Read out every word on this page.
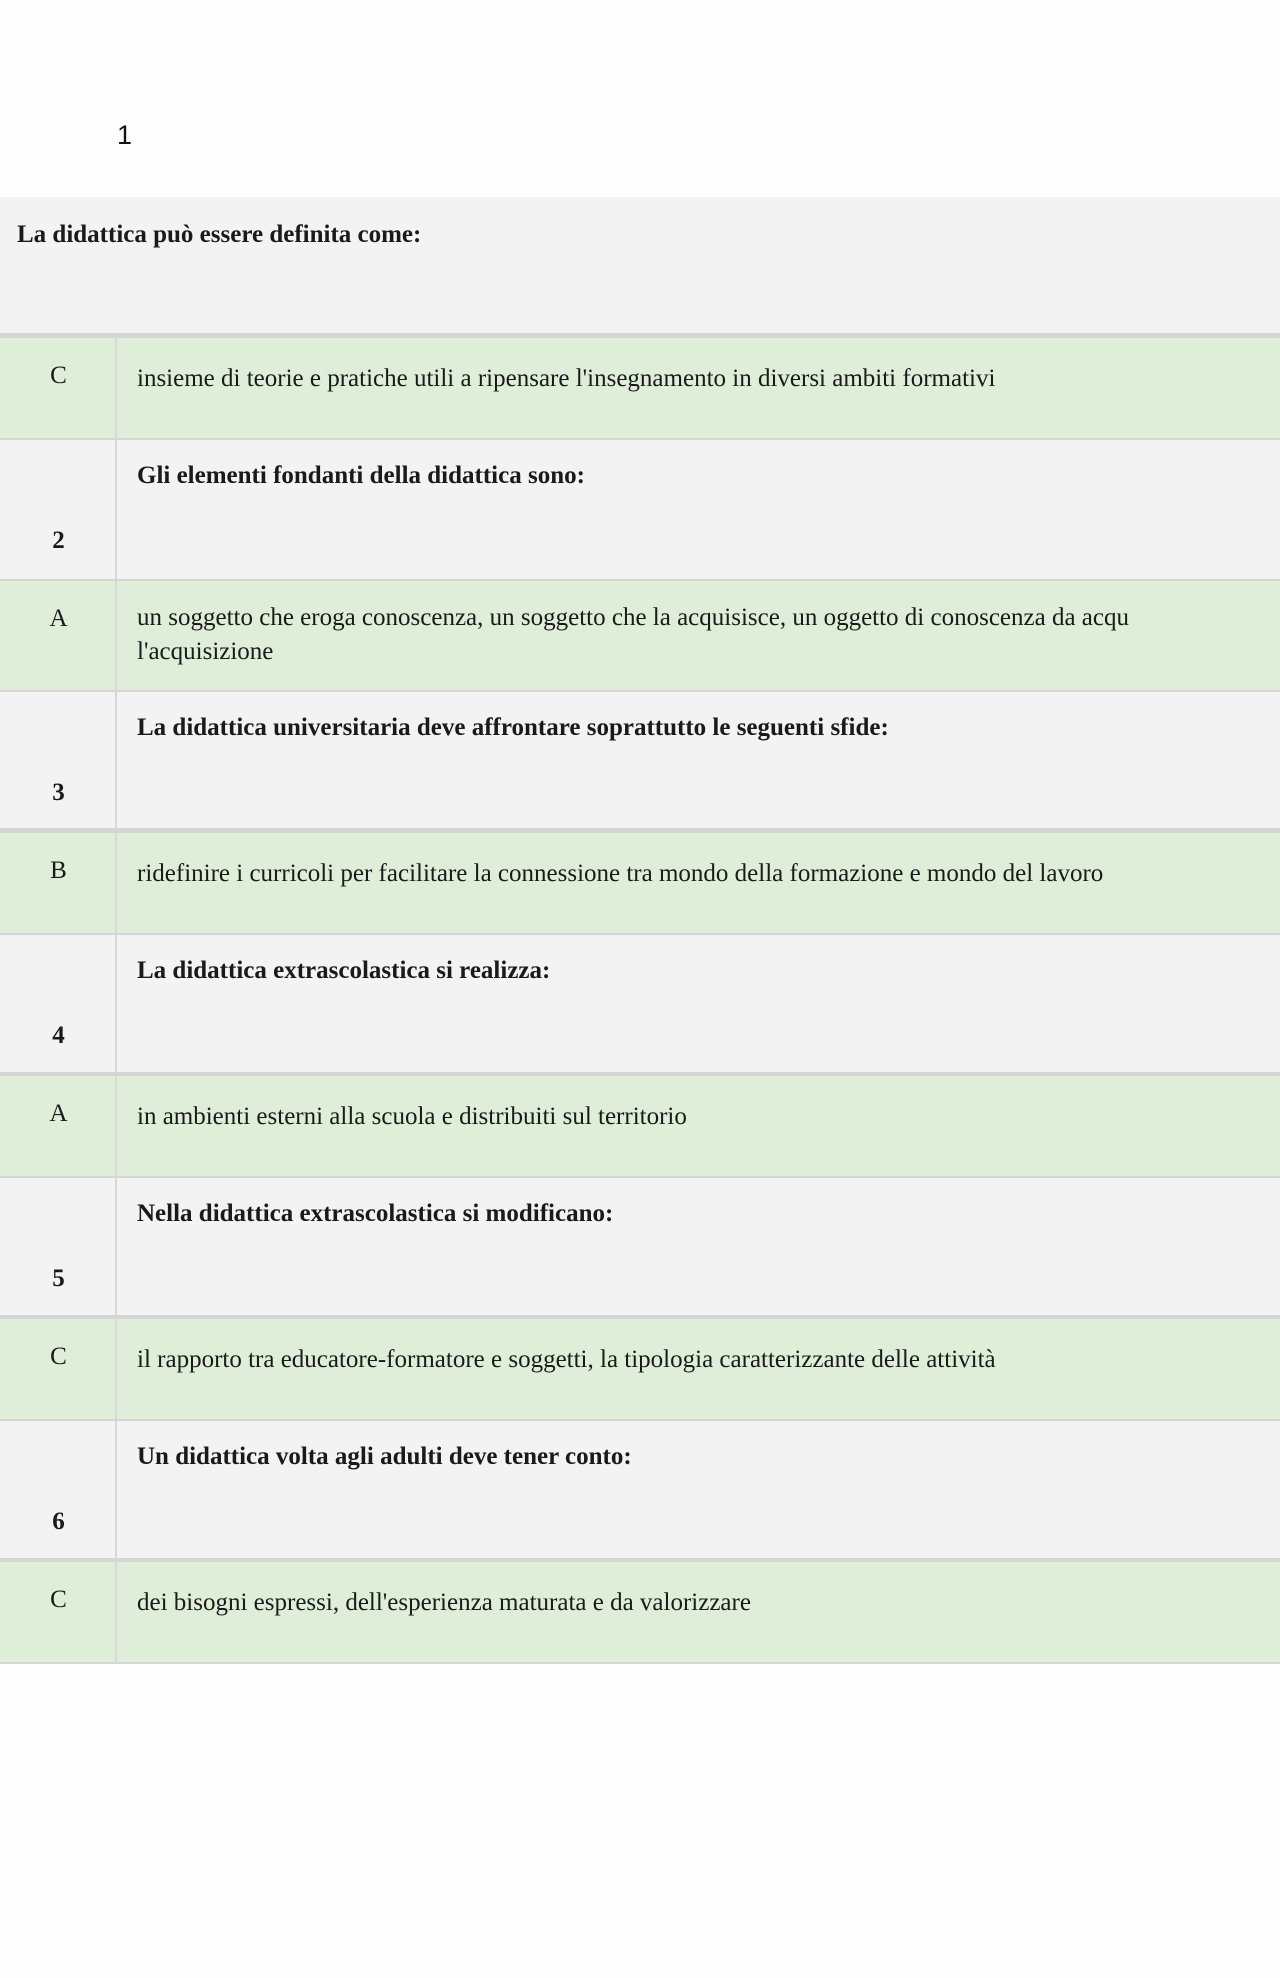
1
La didattica può essere definita come:
C	insieme di teorie e pratiche utili a ripensare l'insegnamento in diversi ambiti formativi
2
Gli elementi fondanti della didattica sono:
A	un soggetto che eroga conoscenza, un soggetto che la acquisisce, un oggetto di conoscenza da acqu
l'acquisizione
3
La didattica universitaria deve affrontare soprattutto le seguenti sfide:
B	ridefinire i curricoli per facilitare la connessione tra mondo della formazione e mondo del lavoro
4
La didattica extrascolastica si realizza:
A	in ambienti esterni alla scuola e distribuiti sul territorio
5
Nella didattica extrascolastica si modificano:
C	il rapporto tra educatore-formatore e soggetti, la tipologia caratterizzante delle attività
6
Un didattica volta agli adulti deve tener conto:
C	dei bisogni espressi, dell'esperienza maturata e da valorizzare
